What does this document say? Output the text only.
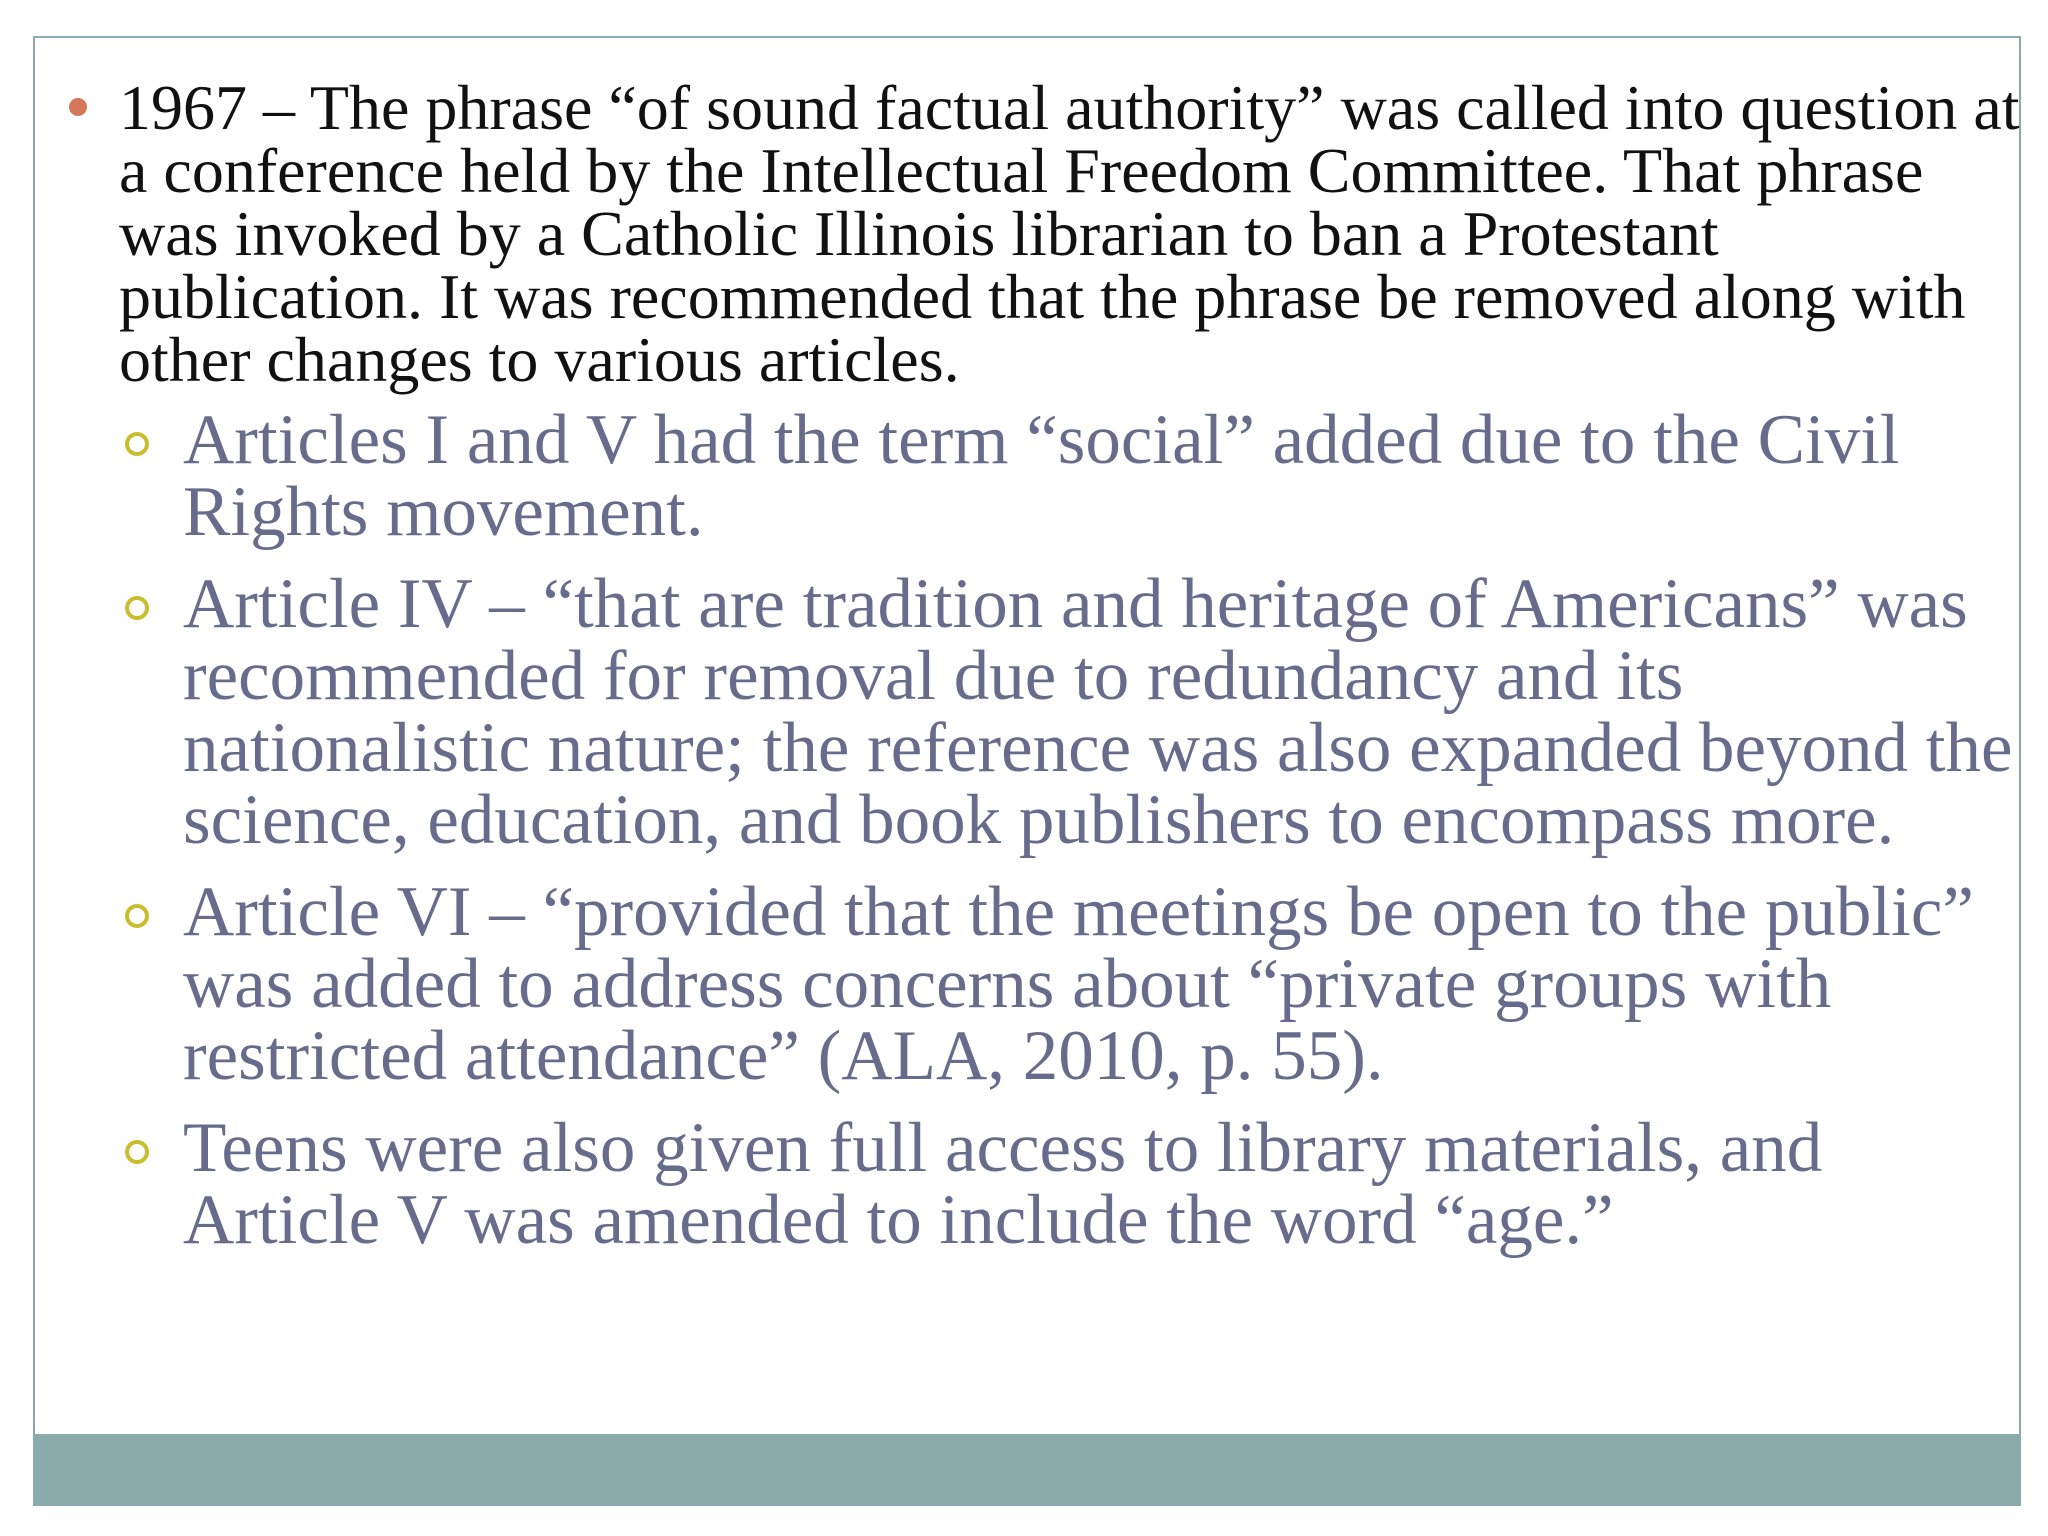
1967 – The phrase “of sound factual authority” was called into question at a conference held by the Intellectual Freedom Committee. That phrase was invoked by a Catholic Illinois librarian to ban a Protestant publication. It was recommended that the phrase be removed along with other changes to various articles.
Articles I and V had the term “social” added due to the Civil Rights movement.
Article IV – “that are tradition and heritage of Americans” was recommended for removal due to redundancy and its nationalistic nature; the reference was also expanded beyond the science, education, and book publishers to encompass more.
Article VI – “provided that the meetings be open to the public” was added to address concerns about “private groups with restricted attendance” (ALA, 2010, p. 55).
Teens were also given full access to library materials, and Article V was amended to include the word “age.”
